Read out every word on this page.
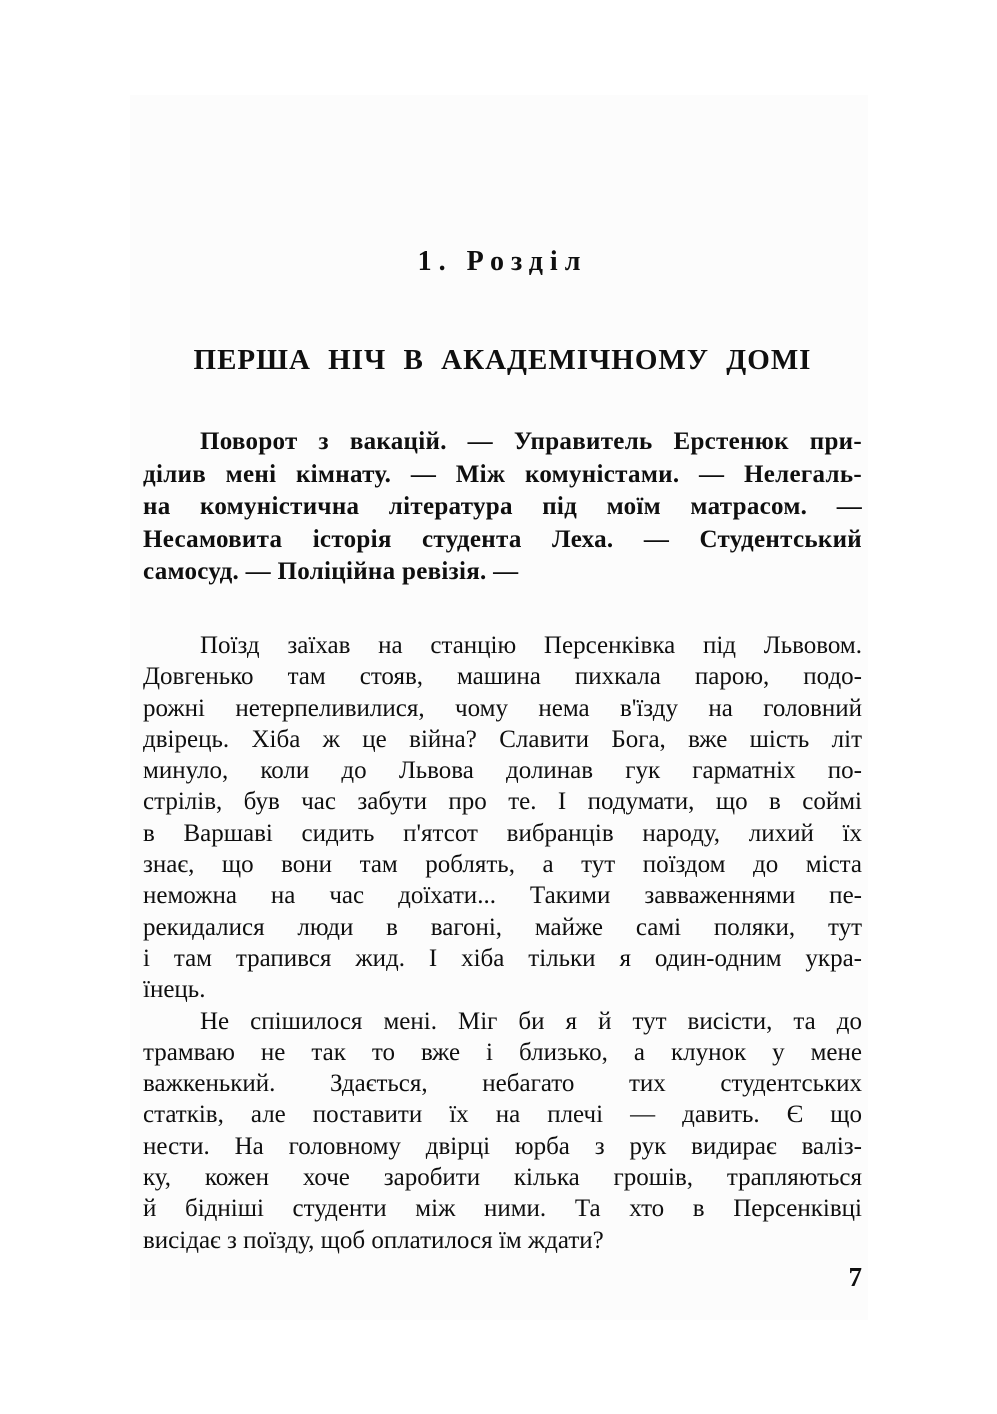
1. Розділ
ПЕРША НІЧ В АКАДЕМІЧНОМУ ДОМІ
Поворот з вакацій. — Управитель Ерстенюк при-
ділив мені кімнату. — Між комуністами. — Нелегаль-
на комуністична література під моїм матрасом. —
Несамовита історія студента Леха. — Студентський
самосуд. — Поліційна ревізія. —
Поїзд заїхав на станцію Персенківка під Львовом.
Довгенько там стояв, машина пихкала парою, подо-
рожні нетерпеливилися, чому нема в'їзду на головний
двірець. Хіба ж це війна? Славити Бога, вже шість літ
минуло, коли до Львова долинав гук гарматніх по-
стрілів, був час забути про те. І подумати, що в соймі
в Варшаві сидить п'ятсот вибранців народу, лихий їх
знає, що вони там роблять, а тут поїздом до міста
неможна на час доїхати... Такими завваженнями пе-
рекидалися люди в вагоні, майже самі поляки, тут
і там трапився жид. І хіба тільки я один-одним укра-
їнець.
Не спішилося мені. Міг би я й тут висісти, та до
трамваю не так то вже і близько, а клунок у мене
важкенький. Здається, небагато тих студентських
статків, але поставити їх на плечі — давить. Є що
нести. На головному двірці юрба з рук видирає валіз-
ку, кожен хоче заробити кілька грошів, трапляються
й бідніші студенти між ними. Та хто в Персенківці
висідає з поїзду, щоб оплатилося їм ждати?
7
